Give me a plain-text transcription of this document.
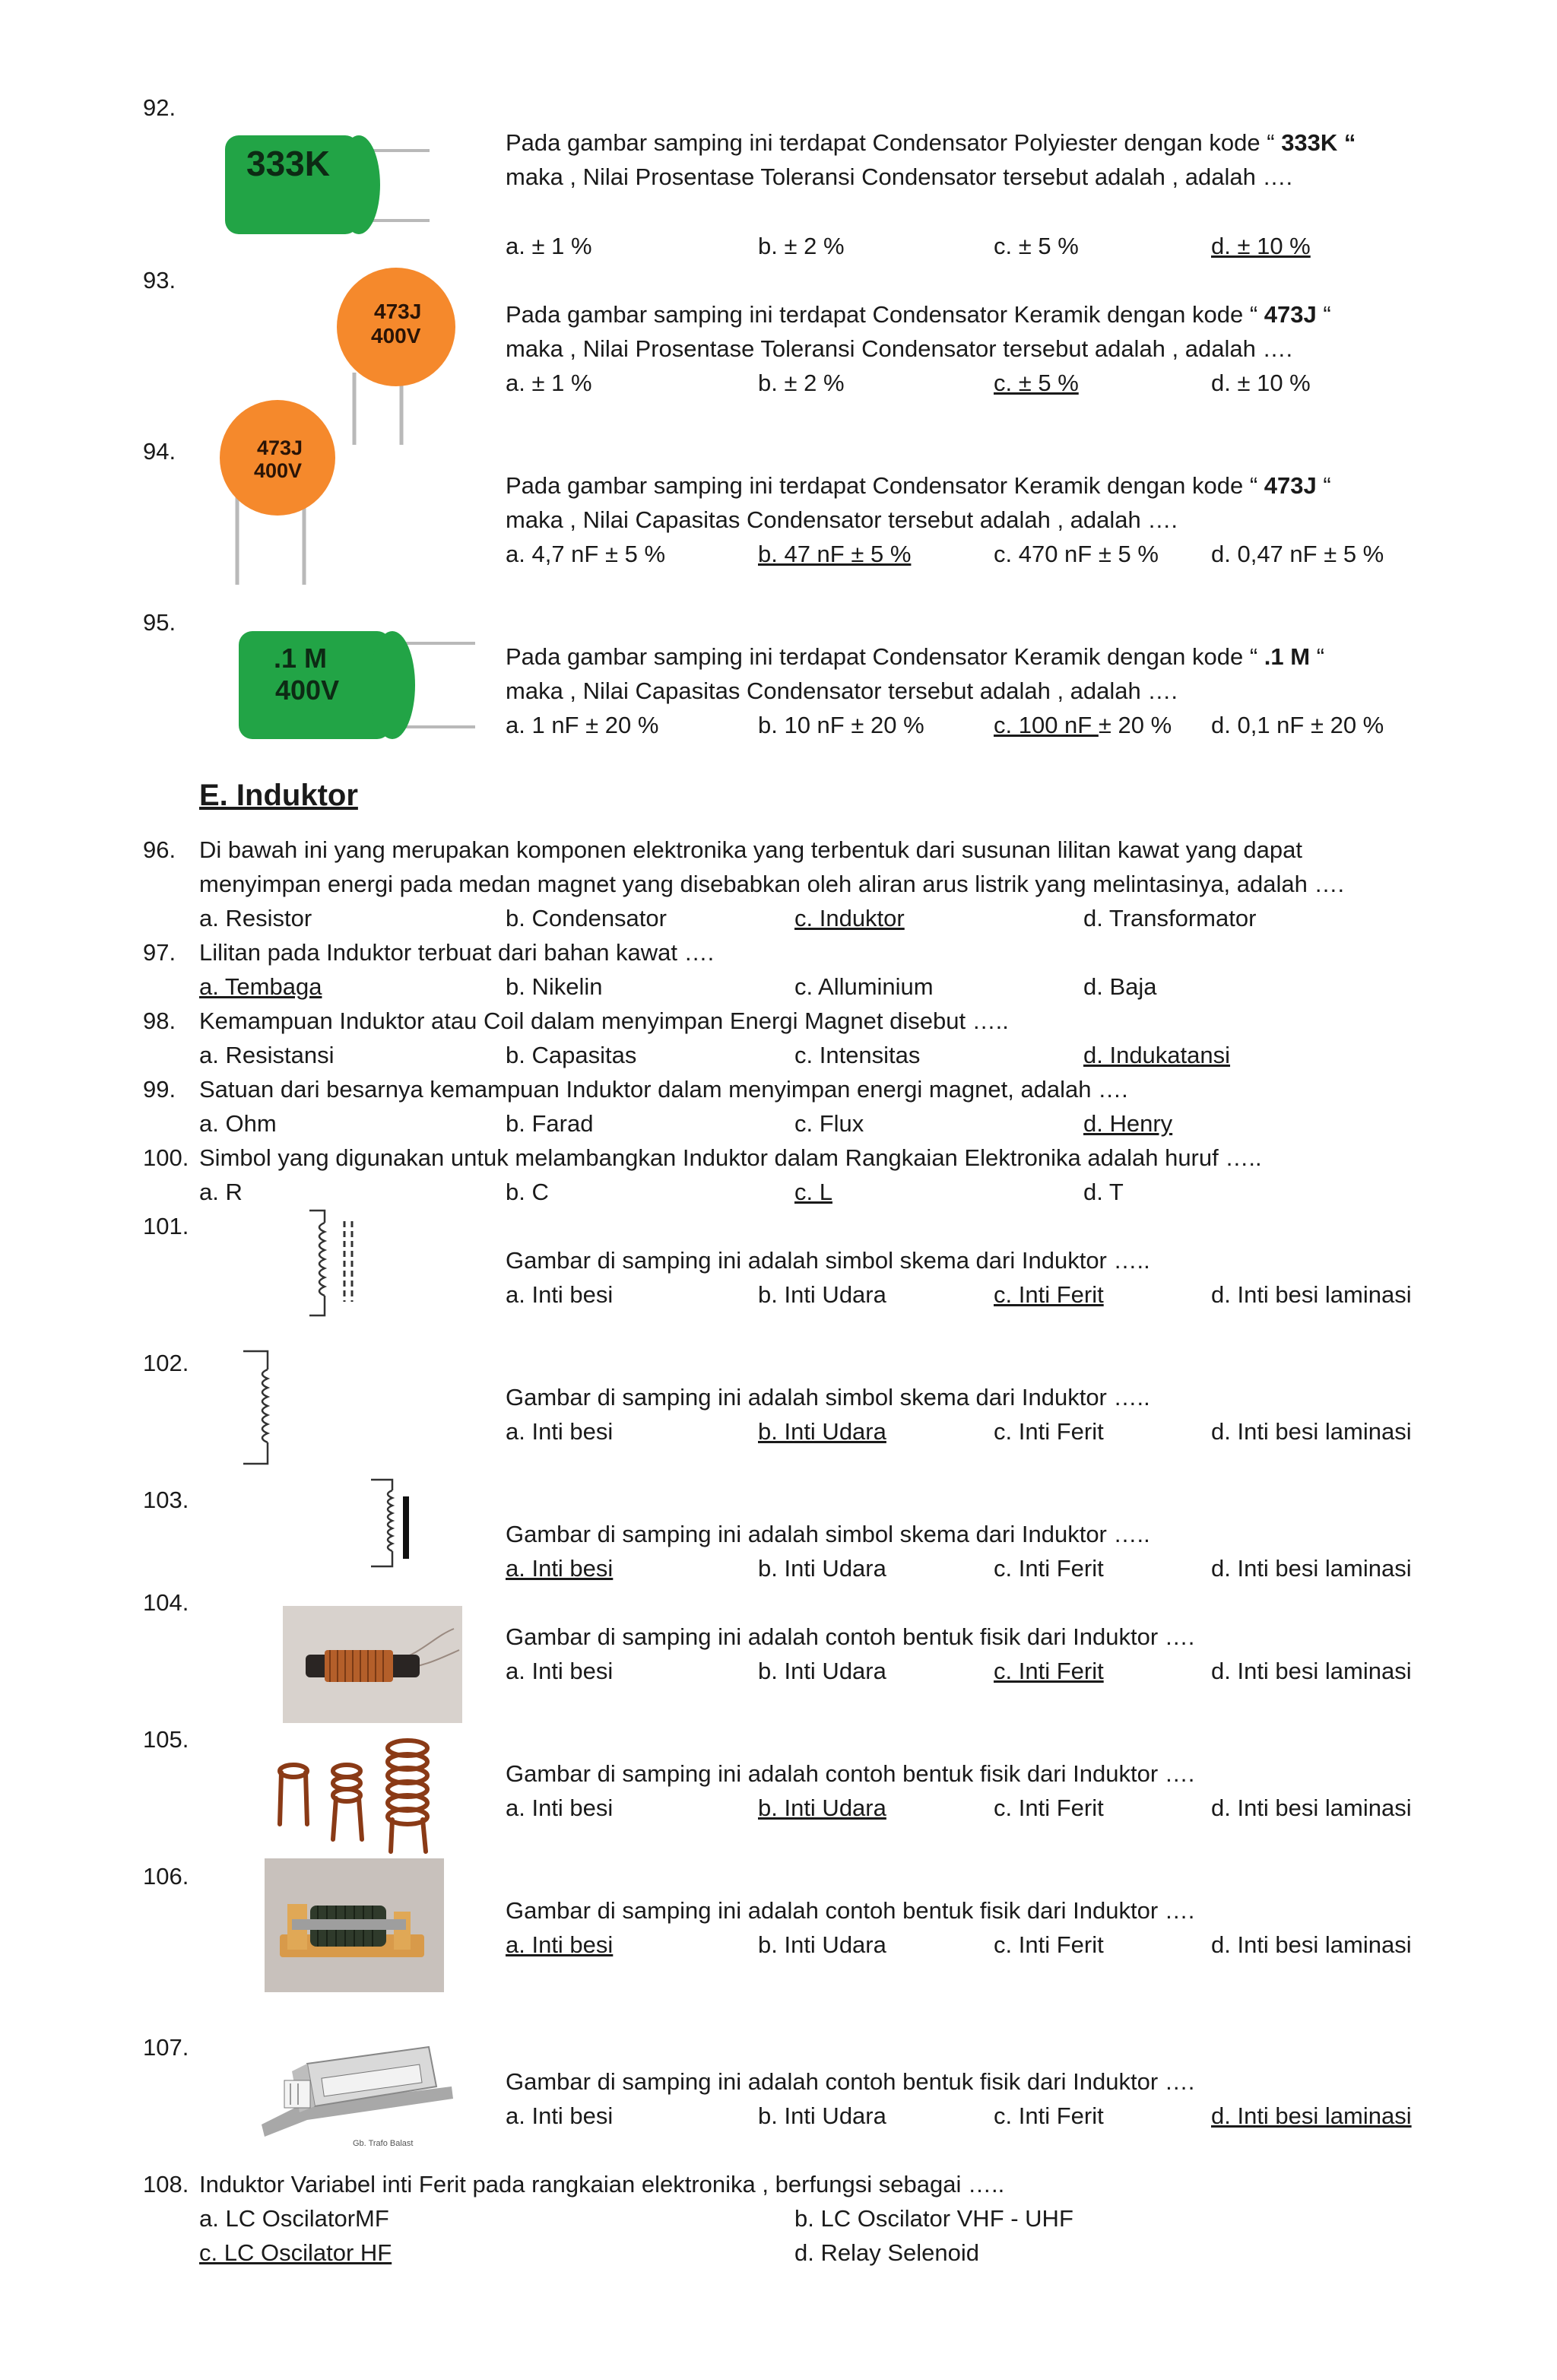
92.
333K
Pada gambar samping ini terdapat Condensator Polyiester dengan kode “ 333K “
maka , Nilai Prosentase Toleransi Condensator tersebut adalah , adalah ….
a. ± 1 %	b. ± 2 %	c. ± 5 %	d. ± 10 %
93.
473J
400V
Pada gambar samping ini terdapat Condensator Keramik dengan kode “ 473J “
maka , Nilai Prosentase Toleransi Condensator tersebut adalah , adalah ….
a. ± 1 %	b. ± 2 %	c. ± 5 %	d. ± 10 %
94.	473J
400V
Pada gambar samping ini terdapat Condensator Keramik dengan kode “ 473J “
maka , Nilai Capasitas Condensator tersebut adalah , adalah ….
a. 4,7 nF ± 5 %	b. 47 nF ± 5 %	c. 470 nF ± 5 % d. 0,47 nF ± 5 %
95.
.1 M
400V
Pada gambar samping ini terdapat Condensator Keramik dengan kode “ .1 M “
maka , Nilai Capasitas Condensator tersebut adalah , adalah ….
a. 1 nF ± 20 %	b. 10 nF ± 20 %	c. 100 nF ± 20 % d. 0,1 nF ± 20 %
E. Induktor
96. Di bawah ini yang merupakan komponen elektronika yang terbentuk dari susunan lilitan kawat yang dapat
menyimpan energi pada medan magnet yang disebabkan oleh aliran arus listrik yang melintasinya, adalah ….
a. Resistor	b. Condensator	c. Induktor	d. Transformator
97. Lilitan pada Induktor terbuat dari bahan kawat ….
a. Tembaga	b. Nikelin	c. Alluminium	d. Baja
98. Kemampuan Induktor atau Coil dalam menyimpan Energi Magnet disebut …..
a. Resistansi	b. Capasitas	c. Intensitas	d. Indukatansi
99. Satuan dari besarnya kemampuan Induktor dalam menyimpan energi magnet, adalah ….
a. Ohm	b. Farad	c. Flux	d. Henry
100. Simbol yang digunakan untuk melambangkan Induktor dalam Rangkaian Elektronika adalah huruf …..
a. R	b. C	c. L	d. T
101.
Gambar di samping ini adalah simbol skema dari Induktor …..
a. Inti besi	b. Inti Udara	c. Inti Ferit	d. Inti besi laminasi
102.
Gambar di samping ini adalah simbol skema dari Induktor …..
a. Inti besi	b. Inti Udara	c. Inti Ferit	d. Inti besi laminasi
103.
Gambar di samping ini adalah simbol skema dari Induktor …..
a. Inti besi	b. Inti Udara	c. Inti Ferit	d. Inti besi laminasi
104.
Gambar di samping ini adalah contoh bentuk fisik dari Induktor ….
a. Inti besi	b. Inti Udara	c. Inti Ferit	d. Inti besi laminasi
105.
Gambar di samping ini adalah contoh bentuk fisik dari Induktor ….
a. Inti besi	b. Inti Udara	c. Inti Ferit	d. Inti besi laminasi
106.
Gambar di samping ini adalah contoh bentuk fisik dari Induktor ….
a. Inti besi	b. Inti Udara	c. Inti Ferit	d. Inti besi laminasi
107.
Gb. Trafo Balast
Gambar di samping ini adalah contoh bentuk fisik dari Induktor ….
a. Inti besi	b. Inti Udara	c. Inti Ferit	d. Inti besi laminasi
108. Induktor Variabel inti Ferit pada rangkaian elektronika , berfungsi sebagai …..
a. LC OscilatorMF	b. LC Oscilator VHF - UHF
c. LC Oscilator HF	d. Relay Selenoid
